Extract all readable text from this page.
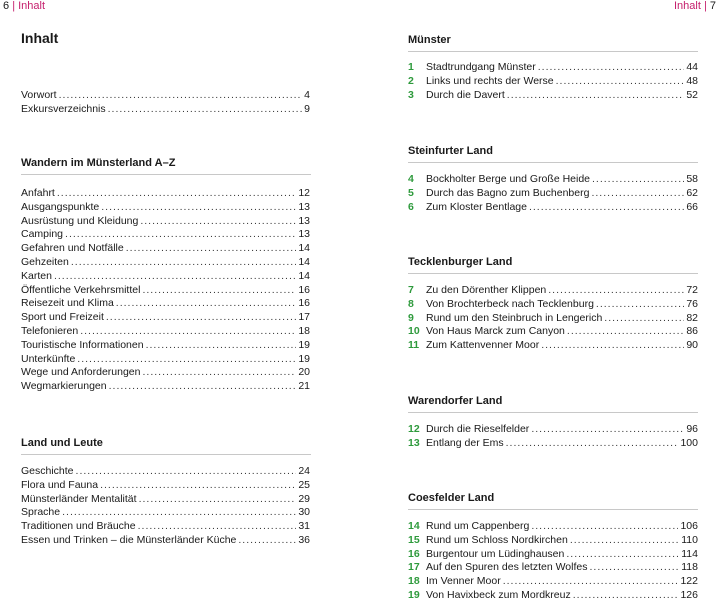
6 | Inhalt	Inhalt | 7
Inhalt
Vorwort .....	4
Exkursverzeichnis .....	9
Wandern im Münsterland A–Z
Anfahrt .....	12
Ausgangspunkte .....	13
Ausrüstung und Kleidung .....	13
Camping .....	13
Gefahren und Notfälle .....	14
Gehzeiten .....	14
Karten .....	14
Öffentliche Verkehrsmittel .....	16
Reisezeit und Klima .....	16
Sport und Freizeit .....	17
Telefonieren .....	18
Touristische Informationen .....	19
Unterkünfte .....	19
Wege und Anforderungen .....	20
Wegmarkierungen .....	21
Land und Leute
Geschichte .....	24
Flora und Fauna .....	25
Münsterländer Mentalität .....	29
Sprache .....	30
Traditionen und Bräuche .....	31
Essen und Trinken – die Münsterländer Küche .....	36
Münster
1	Stadtrundgang Münster .....	44
2	Links und rechts der Werse .....	48
3	Durch die Davert .....	52
Steinfurter Land
4	Bockholter Berge und Große Heide .....	58
5	Durch das Bagno zum Buchenberg .....	62
6	Zum Kloster Bentlage .....	66
Tecklenburger Land
7	Zu den Dörenther Klippen .....	72
8	Von Brochterbeck nach Tecklenburg .....	76
9	Rund um den Steinbruch in Lengerich .....	82
10 Von Haus Marck zum Canyon .....	86
11 Zum Kattenvenner Moor .....	90
Warendorfer Land
12 Durch die Rieselfelder .....	96
13 Entlang der Ems .....	100
Coesfelder Land
14 Rund um Cappenberg .....	106
15 Rund um Schloss Nordkirchen .....	110
16 Burgentour um Lüdinghausen .....	114
17 Auf den Spuren des letzten Wolfes .....	118
18 Im Venner Moor .....	122
19 Von Havixbeck zum Mordkreuz .....	126
